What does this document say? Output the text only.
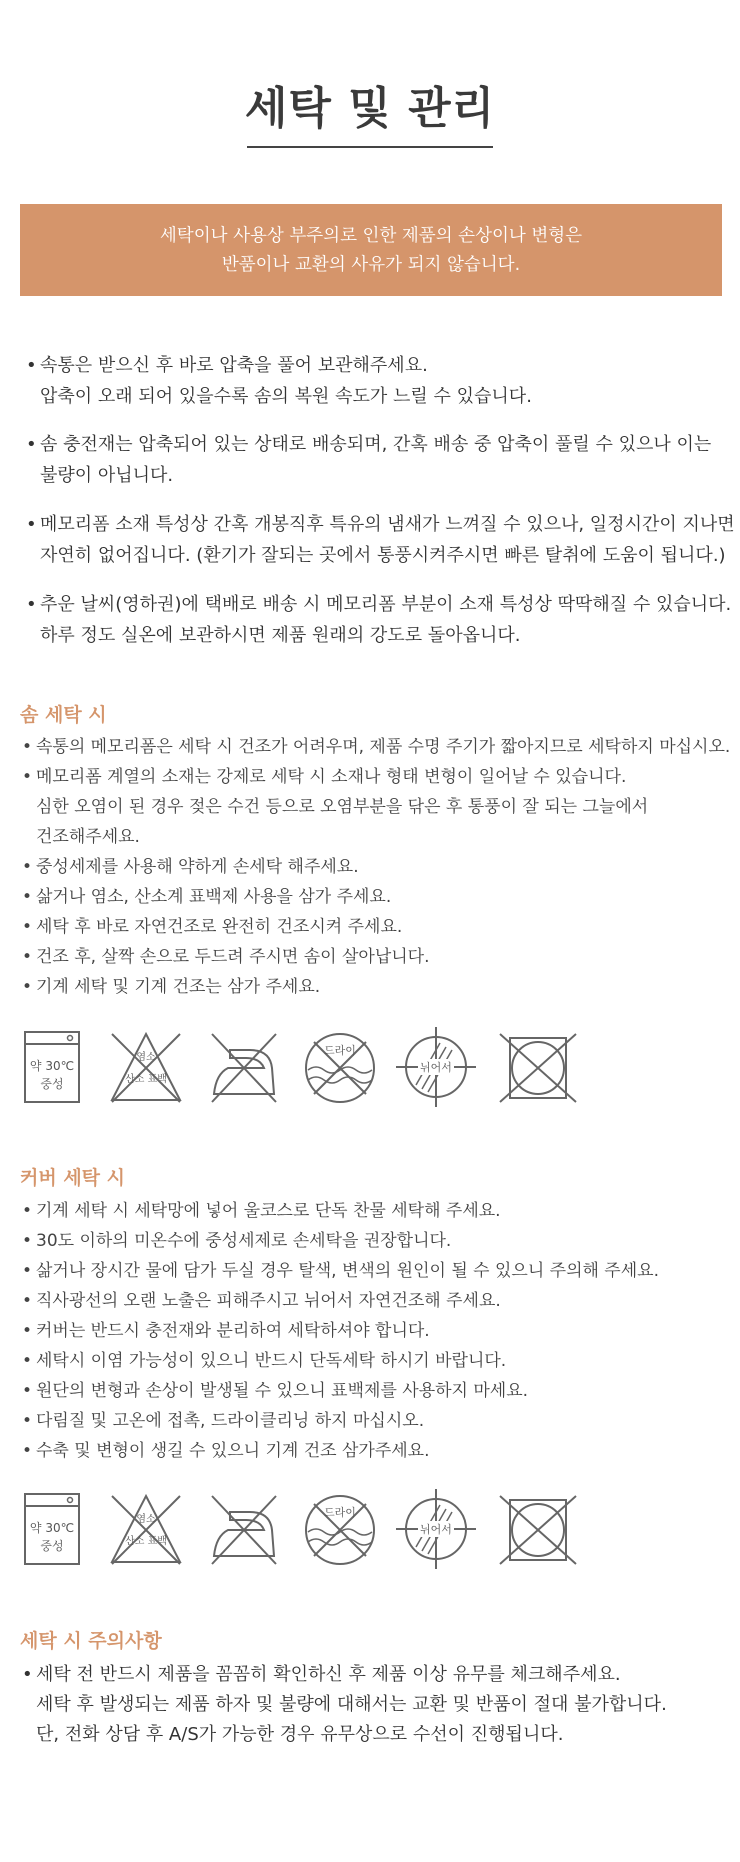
세탁 및 관리
세탁이나 사용상 부주의로 인한 제품의 손상이나 변형은
반품이나 교환의 사유가 되지 않습니다.
• 속통은 받으신 후 바로 압축을 풀어 보관해주세요.
압축이 오래 되어 있을수록 솜의 복원 속도가 느릴 수 있습니다.
• 솜 충전재는 압축되어 있는 상태로 배송되며, 간혹 배송 중 압축이 풀릴 수 있으나 이는
불량이 아닙니다.
• 메모리폼 소재 특성상 간혹 개봉직후 특유의 냄새가 느껴질 수 있으나, 일정시간이 지나면
자연히 없어집니다. (환기가 잘되는 곳에서 통풍시켜주시면 빠른 탈취에 도움이 됩니다.)
• 추운 날씨(영하권)에 택배로 배송 시 메모리폼 부분이 소재 특성상 딱딱해질 수 있습니다.
하루 정도 실온에 보관하시면 제품 원래의 강도로 돌아옵니다.
솜 세탁 시
• 속통의 메모리폼은 세탁 시 건조가 어려우며, 제품 수명 주기가 짧아지므로 세탁하지 마십시오.
• 메모리폼 계열의 소재는 강제로 세탁 시 소재나 형태 변형이 일어날 수 있습니다.
심한 오염이 된 경우 젖은 수건 등으로 오염부분을 닦은 후 통풍이 잘 되는 그늘에서
건조해주세요.
• 중성세제를 사용해 약하게 손세탁 해주세요.
• 삶거나 염소, 산소계 표백제 사용을 삼가 주세요.
• 세탁 후 바로 자연건조로 완전히 건조시켜 주세요.
• 건조 후, 살짝 손으로 두드려 주시면 솜이 살아납니다.
• 기계 세탁 및 기계 건조는 삼가 주세요.
약 30℃
중성
염소
산소 표백
드라이
뉘어서
커버 세탁 시
• 기계 세탁 시 세탁망에 넣어 울코스로 단독 찬물 세탁해 주세요.
• 30도 이하의 미온수에 중성세제로 손세탁을 권장합니다.
• 삶거나 장시간 물에 담가 두실 경우 탈색, 변색의 원인이 될 수 있으니 주의해 주세요.
• 직사광선의 오랜 노출은 피해주시고 뉘어서 자연건조해 주세요.
• 커버는 반드시 충전재와 분리하여 세탁하셔야 합니다.
• 세탁시 이염 가능성이 있으니 반드시 단독세탁 하시기 바랍니다.
• 원단의 변형과 손상이 발생될 수 있으니 표백제를 사용하지 마세요.
• 다림질 및 고온에 접촉, 드라이클리닝 하지 마십시오.
• 수축 및 변형이 생길 수 있으니 기계 건조 삼가주세요.
약 30℃
중성
염소
산소 표백
드라이
뉘어서
세탁 시 주의사항
• 세탁 전 반드시 제품을 꼼꼼히 확인하신 후 제품 이상 유무를 체크해주세요.
세탁 후 발생되는 제품 하자 및 불량에 대해서는 교환 및 반품이 절대 불가합니다.
단, 전화 상담 후 A/S가 가능한 경우 유무상으로 수선이 진행됩니다.
